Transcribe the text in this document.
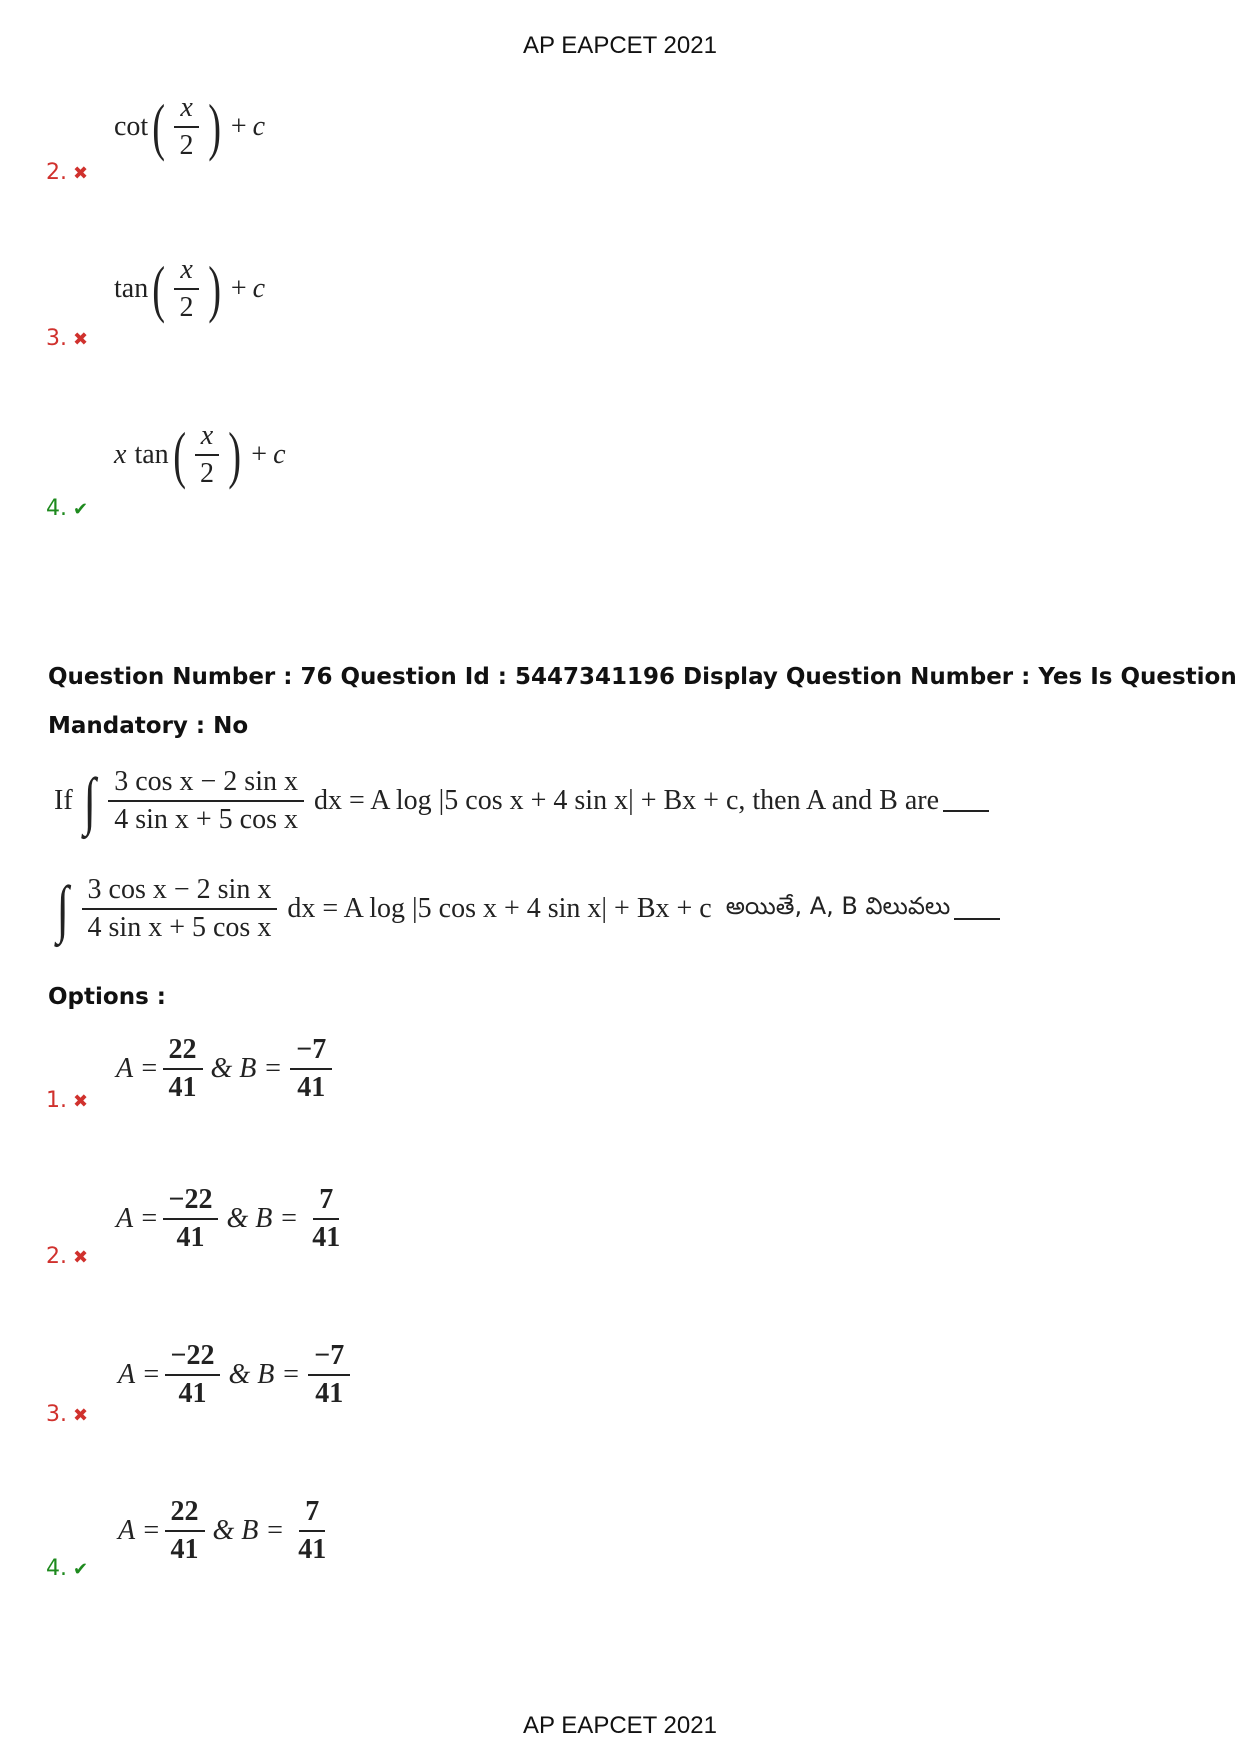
AP EAPCET 2021
cot ( $\frac{x}{2}$ ) + c
2. ✖
tan ( $\frac{x}{2}$ ) + c
3. ✖
x tan ( $\frac{x}{2}$ ) + c
4. ✔
Question Number : 76 Question Id : 5447341196 Display Question Number : Yes Is Question
Mandatory : No
If ∫ $\frac{\text{3 cos x − 2 sin x}}{\text{4 sin x + 5 cos x}}$ dx = A log |5 cos x + 4 sin x| + Bx + c , then A and B are
∫ $\frac{\text{3 cos x − 2 sin x}}{\text{4 sin x + 5 cos x}}$ dx = A log |5 cos x + 4 sin x| + Bx + c అయితే, A, B విలువలు
Options :
$A = \frac{22}{41}$ & $B = \frac{-7}{41}$
1. ✖
$A = \frac{-22}{41}$ & $B = \frac{7}{41}$
2. ✖
$A = \frac{-22}{41}$ & $B = \frac{-7}{41}$
3. ✖
$A = \frac{22}{41}$ & $B = \frac{7}{41}$
4. ✔
AP EAPCET 2021
